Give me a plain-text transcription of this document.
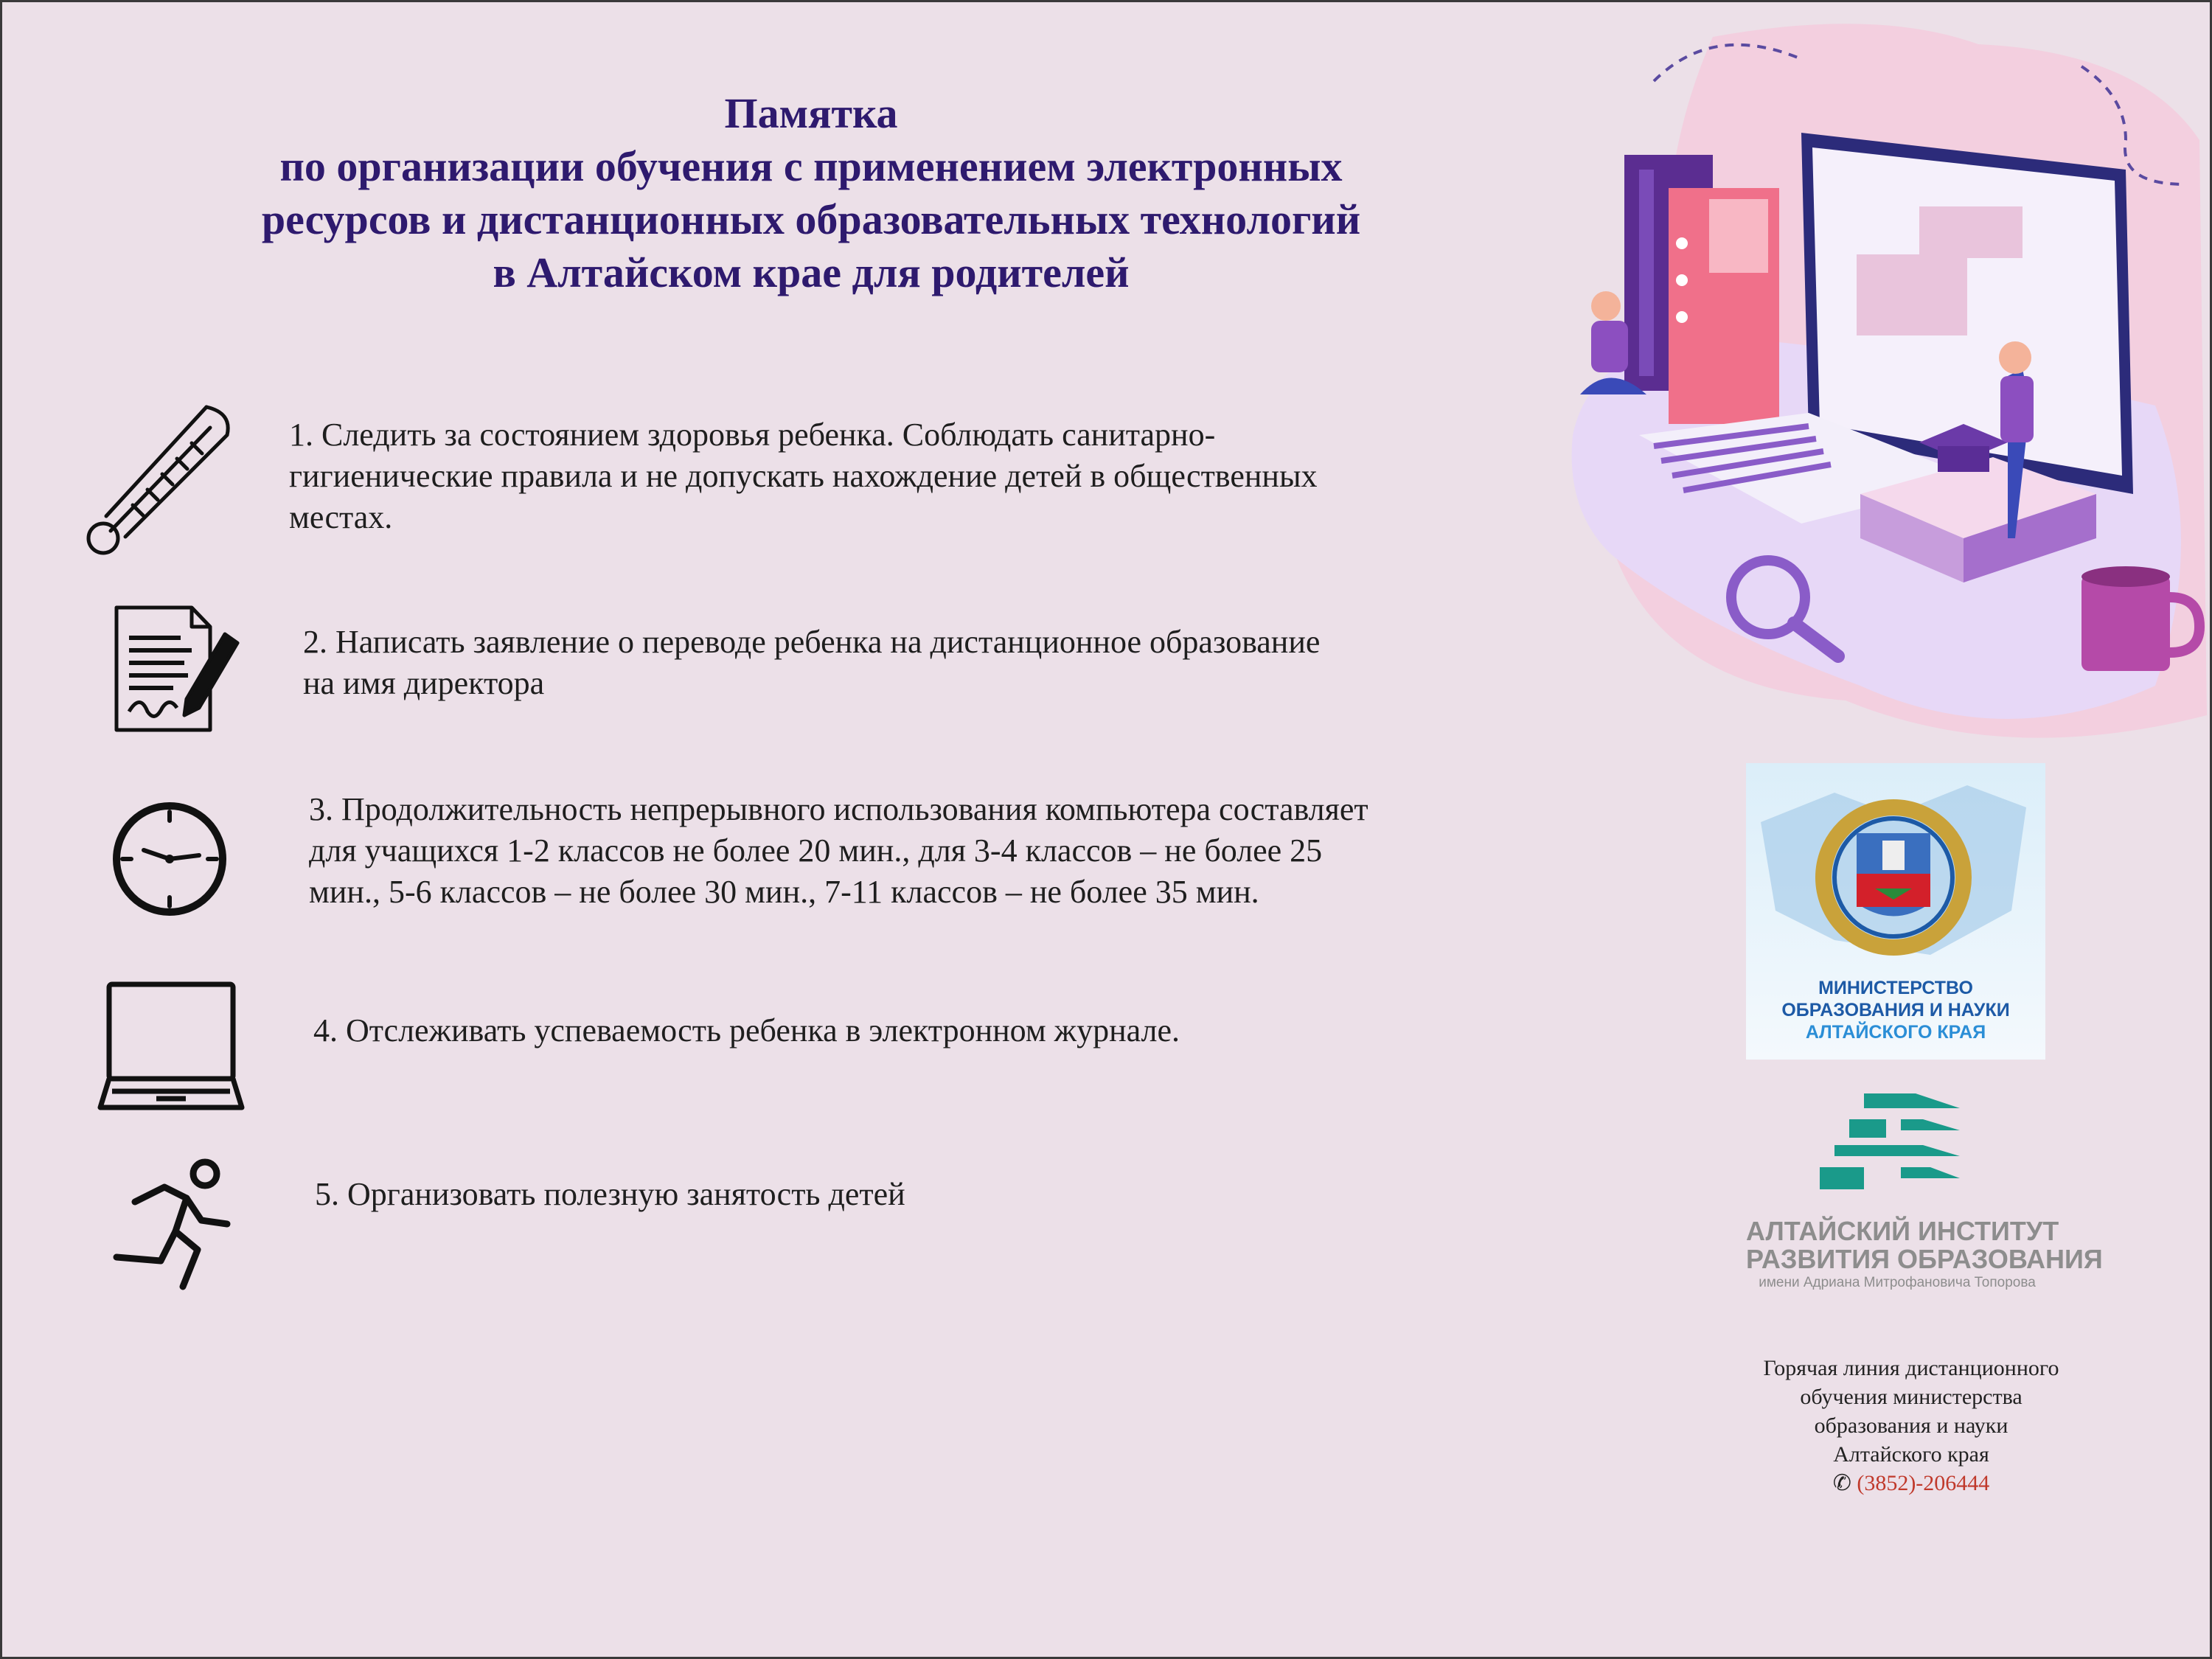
Памятка
по организации обучения с применением электронных
ресурсов и дистанционных образовательных технологий
в Алтайском крае для родителей
1. Следить за состоянием здоровья ребенка. Соблюдать санитарно-
гигиенические правила и не допускать нахождение детей в общественных
местах.
2. Написать заявление о переводе ребенка на дистанционное образование
на имя директора
3. Продолжительность непрерывного использования компьютера составляет
для учащихся 1-2 классов не более 20 мин., для 3-4 классов – не более 25
мин., 5-6 классов – не более 30 мин., 7-11 классов – не более 35 мин.
4. Отслеживать успеваемость ребенка в электронном журнале.
5. Организовать полезную занятость детей
МИНИСТЕРСТВО
ОБРАЗОВАНИЯ И НАУКИ
АЛТАЙСКОГО КРАЯ
АЛТАЙСКИЙ ИНСТИТУТ
РАЗВИТИЯ ОБРАЗОВАНИЯ
имени Адриана Митрофановича Топорова
Горячая линия дистанционного
обучения министерства
образования и науки
Алтайского края
✆ (3852)-206444
